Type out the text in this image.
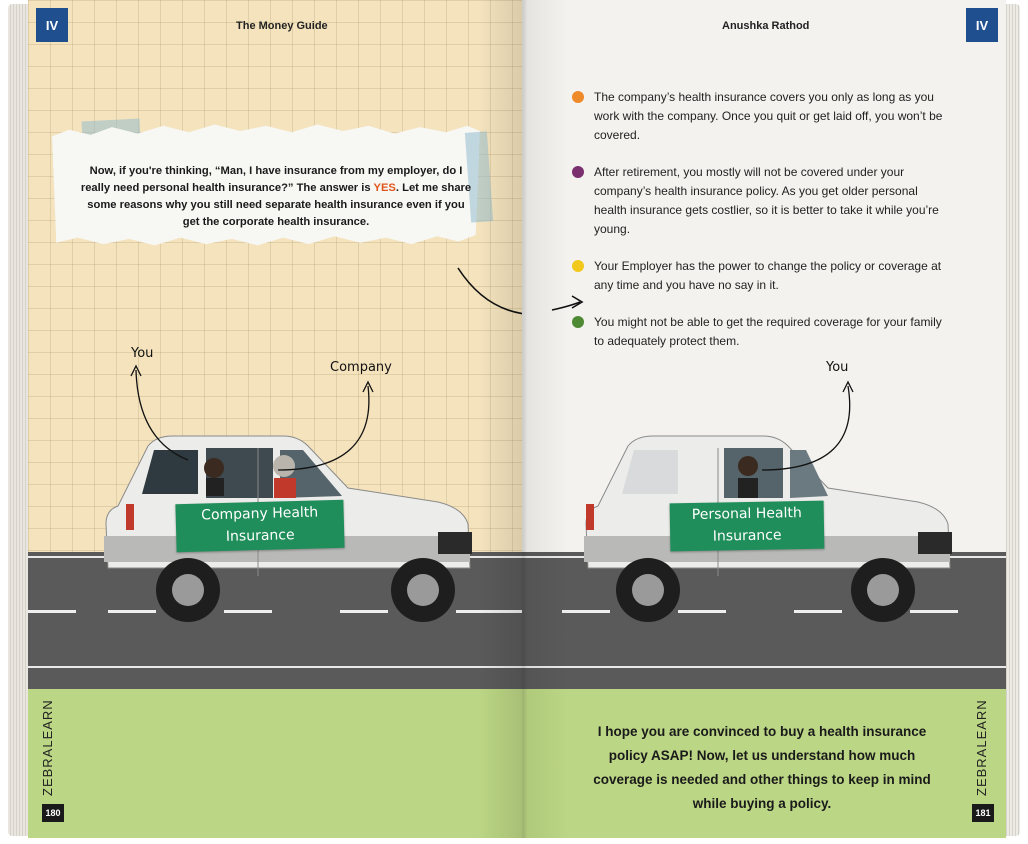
IV	The Money Guide
Now, if you're thinking, “Man, I have insurance from my employer, do I really need personal health insurance?” The answer is YES. Let me share some reasons why you still need separate health insurance even if you get the corporate health insurance.
Company Health
Insurance
You
Company
ZEBRALEARN
180
IV
Anushka Rathod
The company’s health insurance covers you only as long as you work with the company. Once you quit or get laid off, you won’t be covered.
After retirement, you mostly will not be covered under your company’s health insurance policy. As you get older personal health insurance gets costlier, so it is better to take it while you’re young.
Your Employer has the power to change the policy or coverage at any time and you have no say in it.
You might not be able to get the required coverage for your family to adequately protect them.
Personal Health
Insurance
You
I hope you are convinced to buy a health insurance policy ASAP! Now, let us understand how much coverage is needed and other things to keep in mind while buying a policy.
ZEBRALEARN
181
